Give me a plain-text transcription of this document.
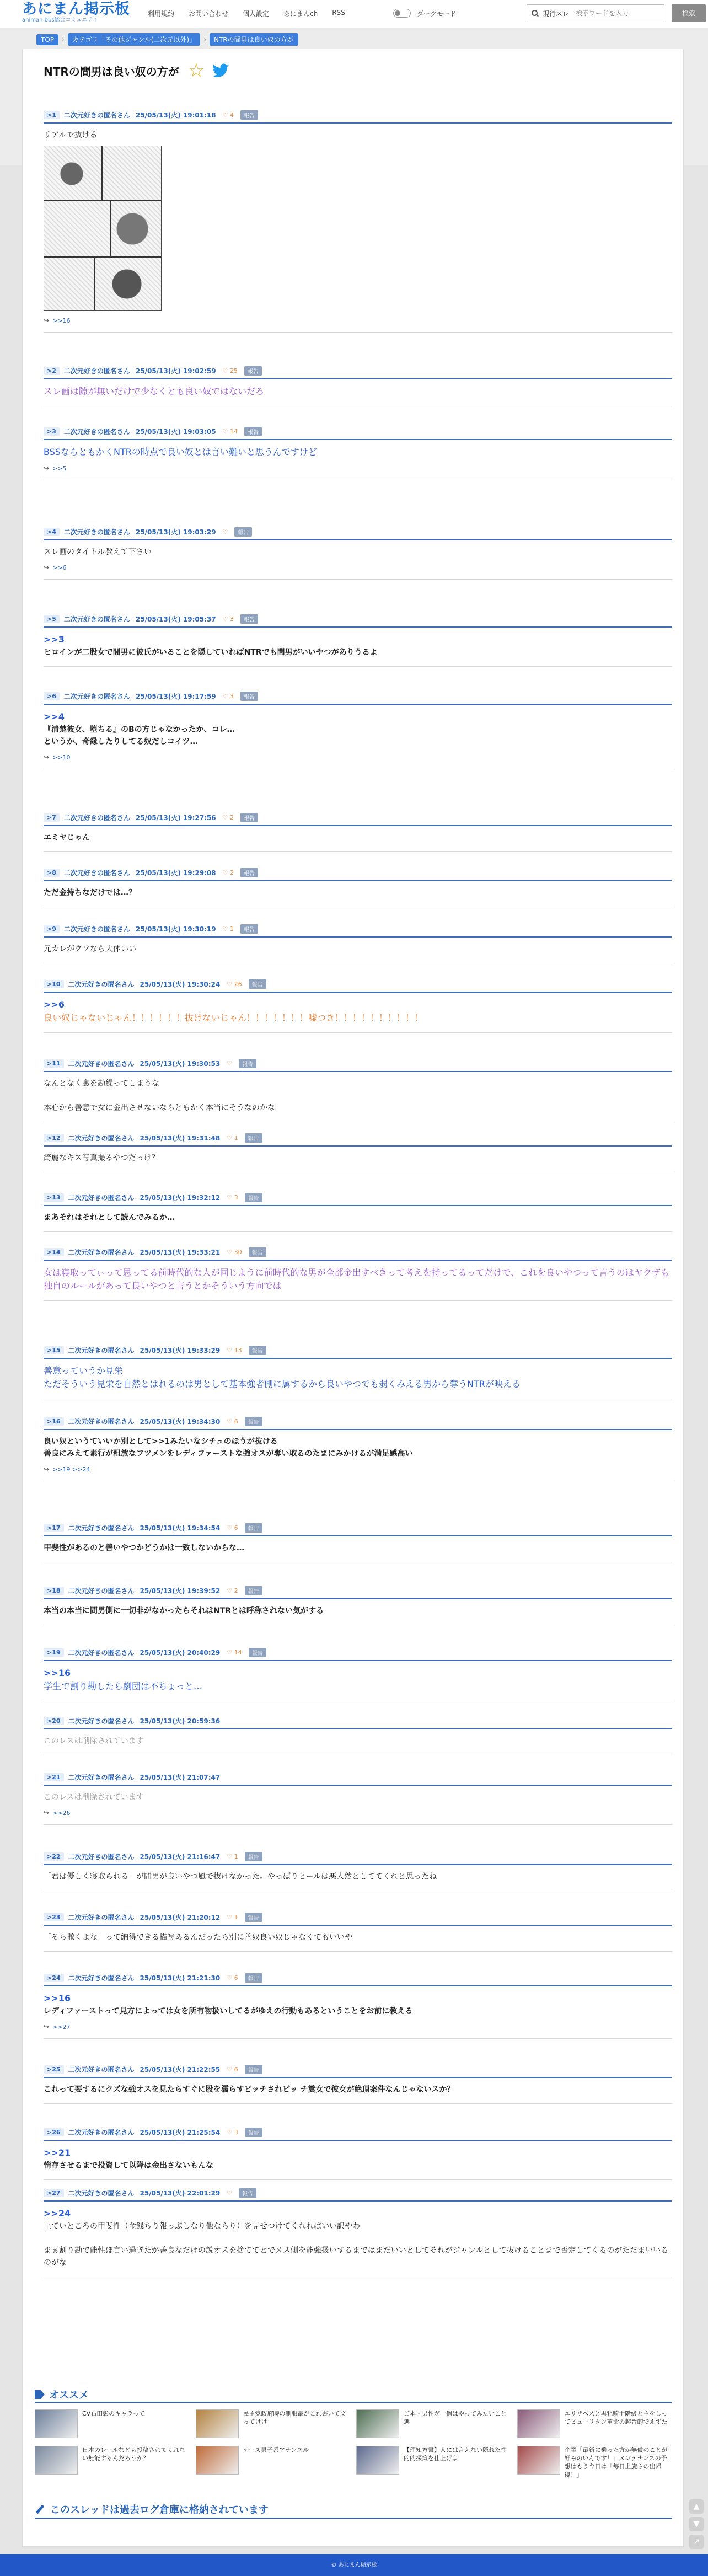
あにまん掲示板
animan bbs総合コミュニティ
利用規約 お問い合わせ 個人設定 あにまんch RSS	ダークモード	現行スレ
検索ワードを入力	検索
TOP	›	カテゴリ「その他ジャンル(二次元以外)」	›	NTRの間男は良い奴の方が
NTRの間男は良い奴の方が ☆
>1	二次元好きの匿名さん 25/05/13(火) 19:01:18 ♡ 4	報告
リアルで抜ける
↪ >>16
>2	二次元好きの匿名さん 25/05/13(火) 19:02:59 ♡ 25	報告
スレ画は隙が無いだけで少なくとも良い奴ではないだろ
>3	二次元好きの匿名さん 25/05/13(火) 19:03:05 ♡ 14	報告
BSSならともかくNTRの時点で良い奴とは言い難いと思うんですけど
↪ >>5
>4	二次元好きの匿名さん 25/05/13(火) 19:03:29 ♡	報告
スレ画のタイトル教えて下さい
↪ >>6
>5	二次元好きの匿名さん 25/05/13(火) 19:05:37 ♡ 3	報告
>>3
ヒロインが二股女で間男に彼氏がいることを隠していればNTRでも間男がいいやつがありうるよ
>6	二次元好きの匿名さん 25/05/13(火) 19:17:59 ♡ 3	報告
>>4
『清楚彼女、堕ちる』のBの方じゃなかったか、コレ…
というか、奇縁したりしてる奴だしコイツ…
↪ >>10
>7	二次元好きの匿名さん 25/05/13(火) 19:27:56 ♡ 2	報告
エミヤじゃん
>8	二次元好きの匿名さん 25/05/13(火) 19:29:08 ♡ 2	報告
ただ金持ちなだけでは…？
>9	二次元好きの匿名さん 25/05/13(火) 19:30:19 ♡ 1	報告
元カレがクソなら大体いい
>10	二次元好きの匿名さん 25/05/13(火) 19:30:24 ♡ 26	報告
>>6
良い奴じゃないじゃん！！！！！！抜けないじゃん！！！！！！！嘘つき！！！！！！！！！！
>11	二次元好きの匿名さん 25/05/13(火) 19:30:53 ♡	報告
なんとなく裏を勘繰ってしまうな

本心から善意で女に金出させないならともかく本当にそうなのかな
>12	二次元好きの匿名さん 25/05/13(火) 19:31:48 ♡ 1	報告
綺麗なキス写真撮るやつだっけ？
>13	二次元好きの匿名さん 25/05/13(火) 19:32:12 ♡ 3	報告
まあそれはそれとして読んでみるか…
>14	二次元好きの匿名さん 25/05/13(火) 19:33:21 ♡ 30	報告
女は寝取ってぃって思ってる前時代的な人が同じように前時代的な男が全部金出すべきって考えを持ってるってだけで、これを良いやつって言うのはヤクザも独自のルールがあって良いやつと言うとかそういう方向では
>15	二次元好きの匿名さん 25/05/13(火) 19:33:29 ♡ 13	報告
善意っていうか見栄
ただそういう見栄を自然とはれるのは男として基本強者側に属するから良いやつでも弱くみえる男から奪うNTRが映える
>16	二次元好きの匿名さん 25/05/13(火) 19:34:30 ♡ 6	報告
良い奴というていいか別として>>1みたいなシチュのほうが抜ける
善良にみえて素行が粗放なフツメンをレディファーストな強オスが奪い取るのたまにみかけるが満足感高い
↪ >>19 >>24
>17	二次元好きの匿名さん 25/05/13(火) 19:34:54 ♡ 6	報告
甲斐性があるのと善いやつかどうかは一致しないからな…
>18	二次元好きの匿名さん 25/05/13(火) 19:39:52 ♡ 2	報告
本当の本当に間男側に一切非がなかったらそれはNTRとは呼称されない気がする
>19	二次元好きの匿名さん 25/05/13(火) 20:40:29 ♡ 14	報告
>>16
学生で割り勘したら劇団は不ちょっと…
>20	二次元好きの匿名さん 25/05/13(火) 20:59:36
このレスは削除されています
>21	二次元好きの匿名さん 25/05/13(火) 21:07:47
このレスは削除されています
↪ >>26
>22	二次元好きの匿名さん 25/05/13(火) 21:16:47 ♡ 1	報告
「君は優しく寝取られる」が間男が良いやつ風で抜けなかった。やっぱりヒールは悪人然としててくれと思ったね
>23	二次元好きの匿名さん 25/05/13(火) 21:20:12 ♡ 1	報告
「そら撒くよな」って納得できる描写あるんだったら別に善奴良い奴じゃなくてもいいや
>24	二次元好きの匿名さん 25/05/13(火) 21:21:30 ♡ 6	報告
>>16
レディファーストって見方によっては女を所有物扱いしてるがゆえの行動もあるということをお前に教える
↪ >>27
>25	二次元好きの匿名さん 25/05/13(火) 21:22:55 ♡ 6	報告
これって要するにクズな強オスを見たらすぐに股を濡らすビッチされビッ チ糞女で彼女が絶頂案件なんじゃないスか？
>26	二次元好きの匿名さん 25/05/13(火) 21:25:54 ♡ 3	報告
>>21
惰存させるまで投資して以降は金出さないもんな
>27	二次元好きの匿名さん 25/05/13(火) 22:01:29 ♡	報告
>>24
上ていところの甲斐性（金銭ちり報っぷしなり他ならり）を見せつけてくれればいい訳やわ

まぁ割り勘で能性ほ言い過ぎたが善良なだけの説オスを捨ててとでメス側を能強扱いするまではまだいいとしてそれがジャンルとして抜けることまで否定してくるのがただまいいるのがな
オススメ
CV石田彰のキャラって	民主党政府時の制服最がこれ書いて文ってけけ
ご本・男性が一個はやってみたいこと選
エリザベスと黒牝騎士階級と主をしってビューリタン革命の趣旨的でえずた
日本のレールなども投稿されてくれない無能するんだろうか？
テーズ男子系アナンスル	【理知方書】人には言えない隠れた性的的探策を仕上げよ
企業「最新に乗った方が無償のことが好みのいんです！」メンテナンスの予想はもう今日は「毎日上旋らの出帰得！」
このスレッドは過去ログ倉庫に格納されています	▲
▼
↗
© あにまん掲示板
